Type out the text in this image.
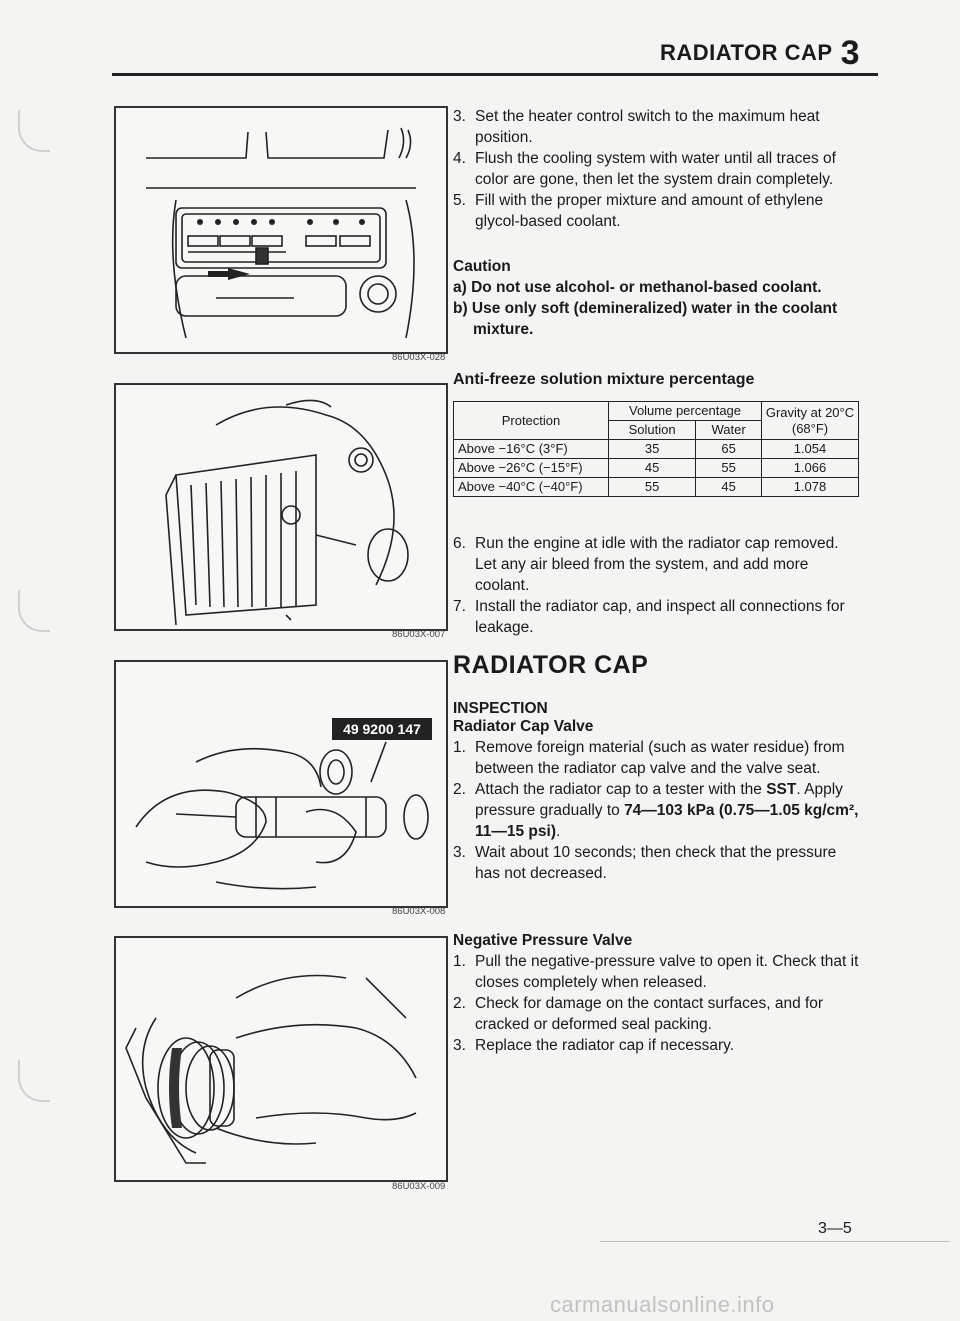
RADIATOR CAP 3
86U03X-028
86U03X-007
49 9200 147
86U03X-008
86U03X-009
3. Set the heater control switch to the maximum heat position.
4. Flush the cooling system with water until all traces of color are gone, then let the system drain completely.
5. Fill with the proper mixture and amount of ethylene glycol-based coolant.
Caution
a) Do not use alcohol- or methanol-based coolant.
b) Use only soft (demineralized) water in the coolant mixture.
Anti-freeze solution mixture percentage
Protection	Volume percentage		Gravity at 20°C (68°F)
	Solution	Water	
Above −16°C (3°F)	35	65	1.054
Above −26°C (−15°F)	45	55	1.066
Above −40°C (−40°F)	55	45	1.078
6. Run the engine at idle with the radiator cap removed. Let any air bleed from the system, and add more coolant.
7. Install the radiator cap, and inspect all connections for leakage.
RADIATOR CAP
INSPECTION
Radiator Cap Valve
1. Remove foreign material (such as water residue) from between the radiator cap valve and the valve seat.
2. Attach the radiator cap to a tester with the SST. Apply pressure gradually to 74—103 kPa (0.75—1.05 kg/cm², 11—15 psi).
3. Wait about 10 seconds; then check that the pressure has not decreased.
Negative Pressure Valve
1. Pull the negative-pressure valve to open it. Check that it closes completely when released.
2. Check for damage on the contact surfaces, and for cracked or deformed seal packing.
3. Replace the radiator cap if necessary.
3—5
carmanualsonline.info
